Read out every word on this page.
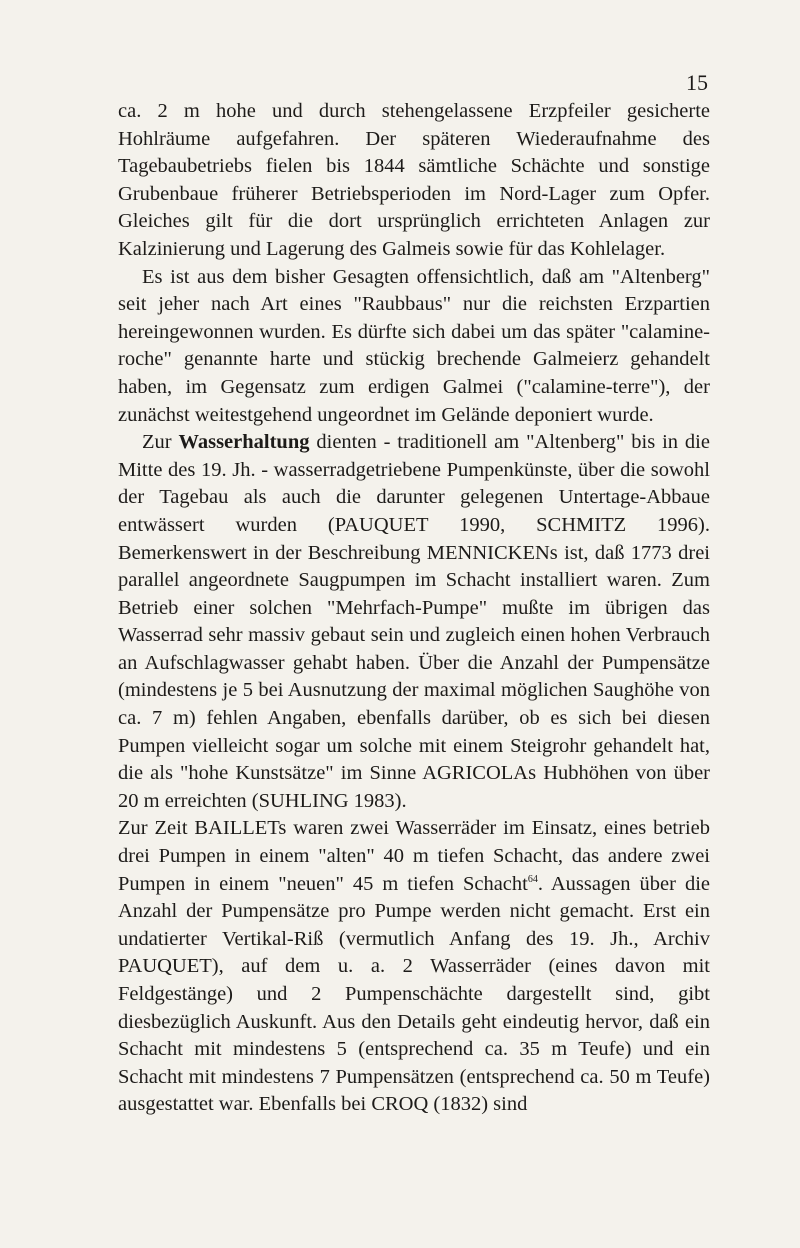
15

ca. 2 m hohe und durch stehengelassene Erzpfeiler gesicherte Hohlräume aufgefahren. Der späteren Wiederaufnahme des Tagebaubetriebs fielen bis 1844 sämtliche Schächte und sonstige Grubenbaue früherer Betriebsperioden im Nord-Lager zum Opfer. Gleiches gilt für die dort ursprünglich errichteten Anlagen zur Kalzinierung und Lagerung des Galmeis sowie für das Kohlelager.

Es ist aus dem bisher Gesagten offensichtlich, daß am "Altenberg" seit jeher nach Art eines "Raubbaus" nur die reichsten Erzpartien hereingewonnen wurden. Es dürfte sich dabei um das später "calamine-roche" genannte harte und stückig brechende Galmeierz gehandelt haben, im Gegensatz zum erdigen Galmei ("calamine-terre"), der zunächst weitestgehend ungeordnet im Gelände deponiert wurde.

Zur Wasserhaltung dienten - traditionell am "Altenberg" bis in die Mitte des 19. Jh. - wasserradgetriebene Pumpenkünste, über die sowohl der Tagebau als auch die darunter gelegenen Untertage-Abbaue entwässert wurden (PAUQUET 1990, SCHMITZ 1996). Bemerkenswert in der Beschreibung MENNICKENs ist, daß 1773 drei parallel angeordnete Saugpumpen im Schacht installiert waren. Zum Betrieb einer solchen "Mehrfach-Pumpe" mußte im übrigen das Wasserrad sehr massiv gebaut sein und zugleich einen hohen Verbrauch an Aufschlagwasser gehabt haben. Über die Anzahl der Pumpensätze (mindestens je 5 bei Ausnutzung der maximal möglichen Saughöhe von ca. 7 m) fehlen Angaben, ebenfalls darüber, ob es sich bei diesen Pumpen vielleicht sogar um solche mit einem Steigrohr gehandelt hat, die als "hohe Kunstsätze" im Sinne AGRICOLAs Hubhöhen von über 20 m erreichten (SUHLING 1983).

Zur Zeit BAILLETs waren zwei Wasserräder im Einsatz, eines betrieb drei Pumpen in einem "alten" 40 m tiefen Schacht, das andere zwei Pumpen in einem "neuen" 45 m tiefen Schacht$^{64}$. Aussagen über die Anzahl der Pumpensätze pro Pumpe werden nicht gemacht. Erst ein undatierter Vertikal-Riß (vermutlich Anfang des 19. Jh., Archiv PAUQUET), auf dem u. a. 2 Wasserräder (eines davon mit Feldgestänge) und 2 Pumpenschächte dargestellt sind, gibt diesbezüglich Auskunft. Aus den Details geht eindeutig hervor, daß ein Schacht mit mindestens 5 (entsprechend ca. 35 m Teufe) und ein Schacht mit mindestens 7 Pumpensätzen (entsprechend ca. 50 m Teufe) ausgestattet war. Ebenfalls bei CROQ (1832) sind
